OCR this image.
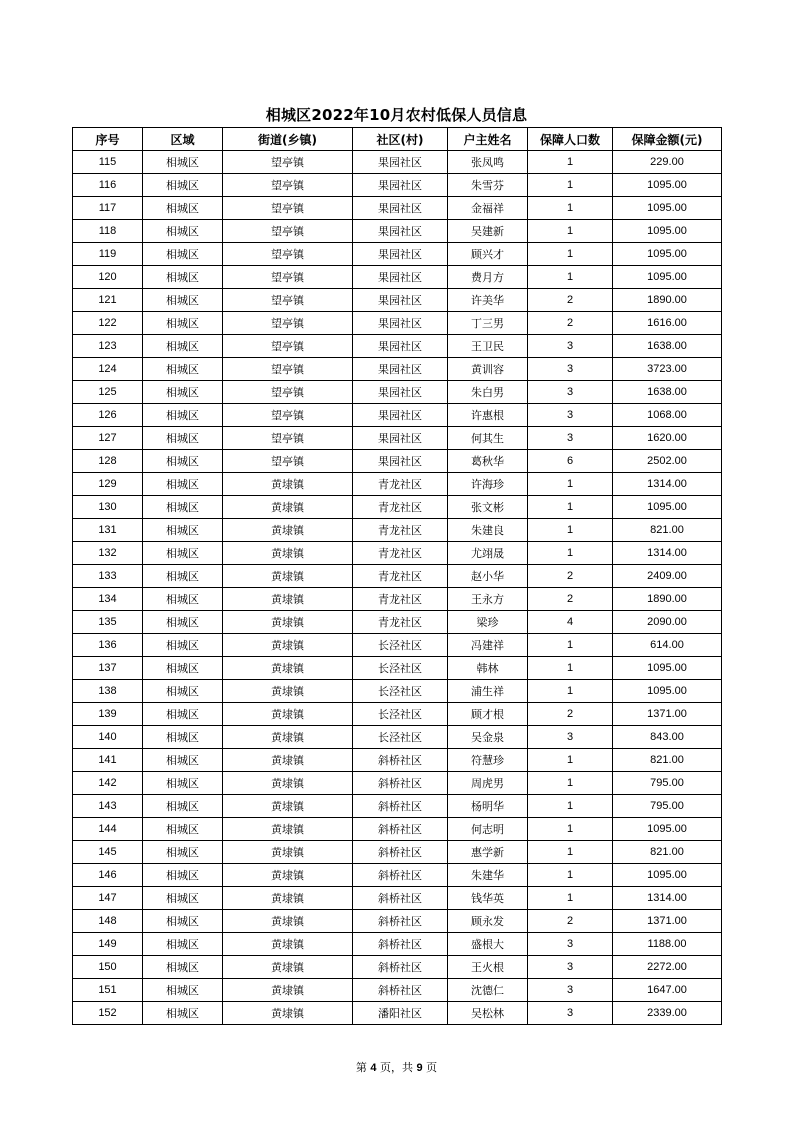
相城区2022年10月农村低保人员信息
序号	区域	街道(乡镇)	社区(村)	户主姓名	保障人口数	保障金额(元)
115	相城区	望亭镇	果园社区	张凤鸣	1	229.00
116	相城区	望亭镇	果园社区	朱雪芬	1	1095.00
117	相城区	望亭镇	果园社区	金福祥	1	1095.00
118	相城区	望亭镇	果园社区	吴建新	1	1095.00
119	相城区	望亭镇	果园社区	顾兴才	1	1095.00
120	相城区	望亭镇	果园社区	费月方	1	1095.00
121	相城区	望亭镇	果园社区	许美华	2	1890.00
122	相城区	望亭镇	果园社区	丁三男	2	1616.00
123	相城区	望亭镇	果园社区	王卫民	3	1638.00
124	相城区	望亭镇	果园社区	黄训容	3	3723.00
125	相城区	望亭镇	果园社区	朱白男	3	1638.00
126	相城区	望亭镇	果园社区	许惠根	3	1068.00
127	相城区	望亭镇	果园社区	何其生	3	1620.00
128	相城区	望亭镇	果园社区	葛秋华	6	2502.00
129	相城区	黄埭镇	青龙社区	许海珍	1	1314.00
130	相城区	黄埭镇	青龙社区	张文彬	1	1095.00
131	相城区	黄埭镇	青龙社区	朱建良	1	821.00
132	相城区	黄埭镇	青龙社区	尤翊晟	1	1314.00
133	相城区	黄埭镇	青龙社区	赵小华	2	2409.00
134	相城区	黄埭镇	青龙社区	王永方	2	1890.00
135	相城区	黄埭镇	青龙社区	梁珍	4	2090.00
136	相城区	黄埭镇	长泾社区	冯建祥	1	614.00
137	相城区	黄埭镇	长泾社区	韩林	1	1095.00
138	相城区	黄埭镇	长泾社区	浦生祥	1	1095.00
139	相城区	黄埭镇	长泾社区	顾才根	2	1371.00
140	相城区	黄埭镇	长泾社区	吴金泉	3	843.00
141	相城区	黄埭镇	斜桥社区	符慧珍	1	821.00
142	相城区	黄埭镇	斜桥社区	周虎男	1	795.00
143	相城区	黄埭镇	斜桥社区	杨明华	1	795.00
144	相城区	黄埭镇	斜桥社区	何志明	1	1095.00
145	相城区	黄埭镇	斜桥社区	惠学新	1	821.00
146	相城区	黄埭镇	斜桥社区	朱建华	1	1095.00
147	相城区	黄埭镇	斜桥社区	钱华英	1	1314.00
148	相城区	黄埭镇	斜桥社区	顾永发	2	1371.00
149	相城区	黄埭镇	斜桥社区	盛根大	3	1188.00
150	相城区	黄埭镇	斜桥社区	王火根	3	2272.00
151	相城区	黄埭镇	斜桥社区	沈德仁	3	1647.00
152	相城区	黄埭镇	潘阳社区	吴松林	3	2339.00
第 4 页，共 9 页
